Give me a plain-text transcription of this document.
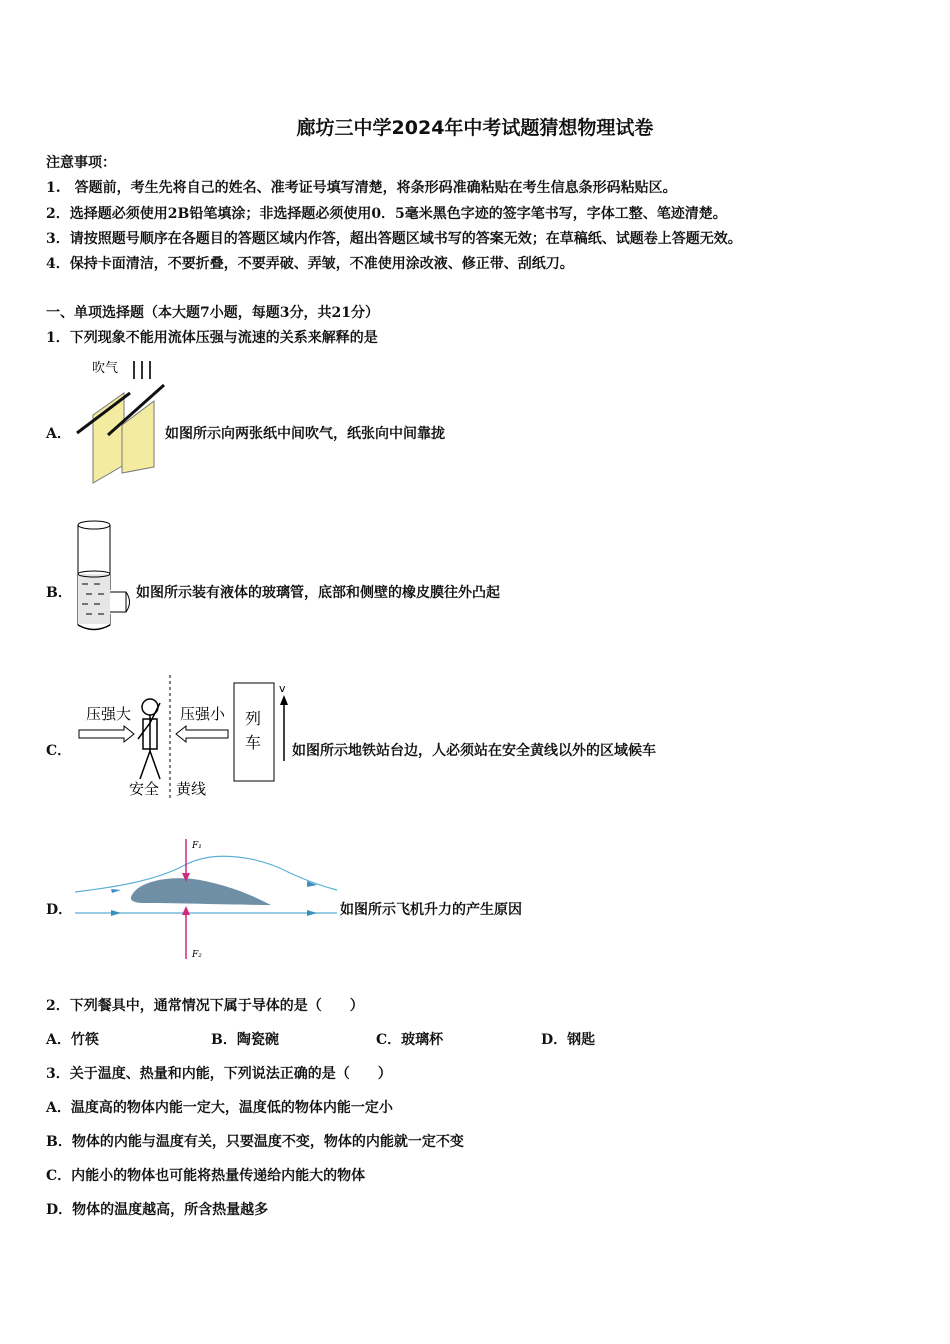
廊坊三中学2024年中考试题猜想物理试卷
注意事项：
1.　答题前，考生先将自己的姓名、准考证号填写清楚，将条形码准确粘贴在考生信息条形码粘贴区。
2．选择题必须使用2B铅笔填涂；非选择题必须使用0．5毫米黑色字迹的签字笔书写，字体工整、笔迹清楚。
3．请按照题号顺序在各题目的答题区域内作答，超出答题区域书写的答案无效；在草稿纸、试题卷上答题无效。
4．保持卡面清洁，不要折叠，不要弄破、弄皱，不准使用涂改液、修正带、刮纸刀。
一、单项选择题（本大题7小题，每题3分，共21分）
1．下列现象不能用流体压强与流速的关系来解释的是
A．
吹气
如图所示向两张纸中间吹气，纸张向中间靠拢
B．	如图所示装有液体的玻璃管，底部和侧壁的橡皮膜往外凸起
C．
压强大	压强小 列
车
v
安全 黄线
如图所示地铁站台边，人必须站在安全黄线以外的区域候车
D．
F₁
F₂
如图所示飞机升力的产生原因
2．下列餐具中，通常情况下属于导体的是（　　）
A．竹筷	B．陶瓷碗	C．玻璃杯	D．钢匙
3．关于温度、热量和内能，下列说法正确的是（　　）
A．温度高的物体内能一定大，温度低的物体内能一定小
B．物体的内能与温度有关，只要温度不变，物体的内能就一定不变
C．内能小的物体也可能将热量传递给内能大的物体
D．物体的温度越高，所含热量越多
